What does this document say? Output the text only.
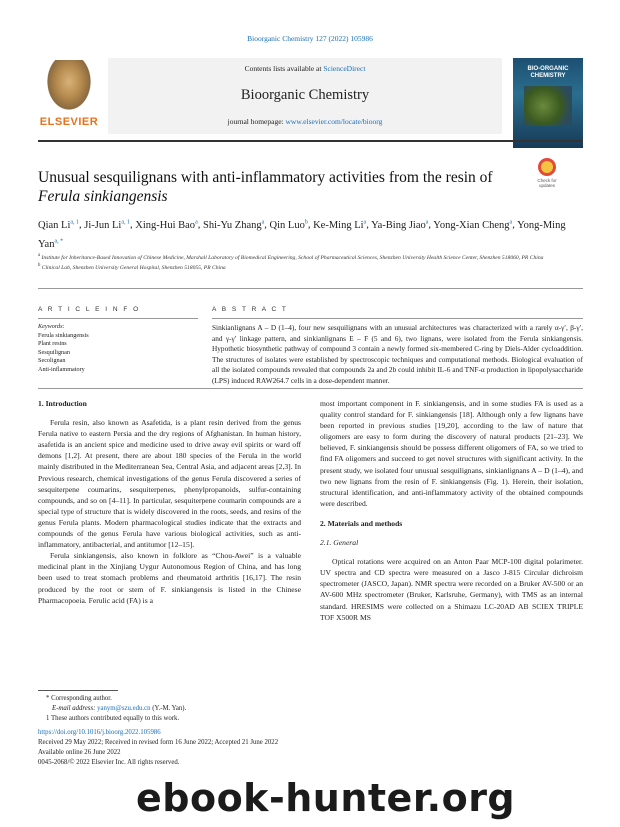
Bioorganic Chemistry 127 (2022) 105986
ELSEVIER
Contents lists available at ScienceDirect
Bioorganic Chemistry
journal homepage: www.elsevier.com/locate/bioorg
BIO-ORGANIC
CHEMISTRY
Unusual sesquilignans with anti-inflammatory activities from the resin of Ferula sinkiangensis
Check for
updates
Qian Li$^{a, 1}$, Ji-Jun Li$^{a, 1}$, Xing-Hui Bao$^a$, Shi-Yu Zhang$^a$, Qin Luo$^b$, Ke-Ming Li$^a$, Ya-Bing Jiao$^a$, Yong-Xian Cheng$^a$, Yong-Ming Yan$^{a, *}$
$^a$ Institute for Inheritance-Based Innovation of Chinese Medicine, Marshall Laboratory of Biomedical Engineering, School of Pharmaceutical Sciences, Shenzhen University Health Science Center, Shenzhen 518060, PR China
$^b$ Clinical Lab, Shenzhen University General Hospital, Shenzhen 518055, PR China
A R T I C L E I N F O	A B S T R A C T
Keywords:
Ferula sinkiangensis
Plant resins
Sesquilignan
Secolignan
Anti-inflammatory
Sinkianlignans A – D (1–4), four new sesquilignans with an unusual architectures was characterized with a rarely α-γ′, β-γ′, and γ-γ′ linkage pattern, and sinkianlignans E – F (5 and 6), two lignans, were isolated from the Ferula sinkiangensis. Hypothetic biosynthetic pathway of compound 3 contain a newly formed six-membered C-ring by Diels-Alder cycloaddition. The structures of isolates were established by spectroscopic techniques and computational methods. Biological evaluation of all the isolated compounds revealed that compounds 2a and 2b could inhibit IL-6 and TNF-α production in lipopolysaccharide (LPS) induced RAW264.7 cells in a dose-dependent manner.
1. Introduction

Ferula resin, also known as Asafetida, is a plant resin derived from the genus Ferula native to eastern Persia and the dry regions of Afghanistan. In human history, asafetida is an ancient spice and medicine used to drive away evil spirits or ward off demons [1,2]. At present, there are about 180 species of the Ferula in the world mainly distributed in the Mediterranean Sea, Central Asia, and adjacent areas [2,3]. In Previous research, chemical investigations of the genus Ferula discovered a series of sesquiterpene coumarins, sesquiterpenes, phenylpropanoids, sulfur-containing compounds, and so on [4–11]. In particular, sesquiterpene coumarin compounds are a special type of structure that is widely discovered in the roots, seeds, and resins of the genus Ferula plants. Modern pharmacological studies indicate that the extracts and compounds of the genus Ferula have various biological activities, such as anti-inflammatory, antibacterial, and antitumor [12–15].

Ferula sinkiangensis, also known in folklore as “Chou-Awei” is a valuable medicinal plant in the Xinjiang Uygur Autonomous Region of China, and has long been used to treat stomach problems and rheumatoid arthritis [16,17]. The resin produced by the root or stem of F. sinkiangensis is listed in the Chinese Pharmacopoeia. Ferulic acid (FA) is a

most important component in F. sinkiangensis, and in some studies FA is used as a quality control standard for F. sinkiangensis [18]. Although only a few lignans have been reported in previous studies [19,20], according to the law of nature that oligomers are easy to form during the discovery of natural products [21–23]. We believed, F. sinkiangensis should be possess different oligomers of FA, so we tried to find FA oligomers and succeed to get novel structures with significant activity. In the present study, we isolated four unusual sesquilignans, sinkianlignans A – D (1–4), and two new lignans from the resin of F. sinkiangensis (Fig. 1). Herein, their isolation, structural identification, and anti-inflammatory activity of the obtained compounds were described.

2. Materials and methods
2.1. General

Optical rotations were acquired on an Anton Paar MCP-100 digital polarimeter. UV spectra and CD spectra were measured on a Jasco J-815 Circular dichroism spectrometer (JASCO, Japan). NMR spectra were recorded on a Bruker AV-500 or an AV-600 MHz spectrometer (Bruker, Karlsruhe, Germany), with TMS as an internal standard. HRESIMS were collected on a Shimazu LC-20AD AB SCIEX TRIPLE TOF X500R MS

* Corresponding author.
E-mail address: yanym@szu.edu.cn (Y.-M. Yan).
1 These authors contributed equally to this work.
https://doi.org/10.1016/j.bioorg.2022.105986
Received 29 May 2022; Received in revised form 16 June 2022; Accepted 21 June 2022
Available online 26 June 2022
0045-2068/© 2022 Elsevier Inc. All rights reserved.
ebook-hunter.org
